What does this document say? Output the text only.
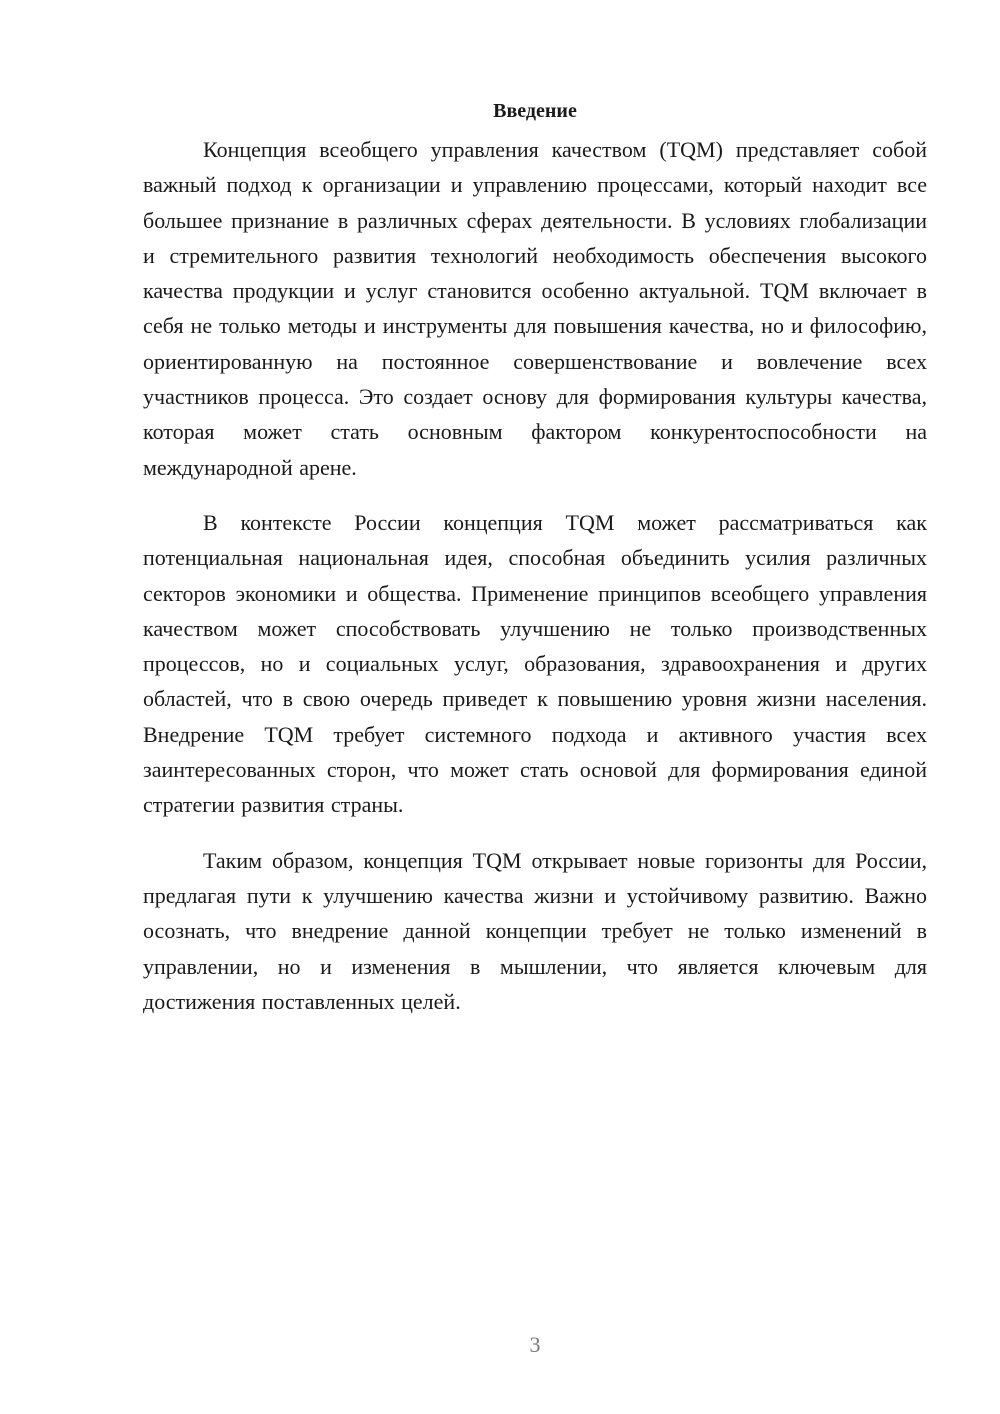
Введение

Концепция всеобщего управления качеством (TQM) представляет собой важный подход к организации и управлению процессами, который находит все большее признание в различных сферах деятельности. В условиях глобализации и стремительного развития технологий необходимость обеспечения высокого качества продукции и услуг становится особенно актуальной. TQM включает в себя не только методы и инструменты для повышения качества, но и философию, ориентированную на постоянное совершенствование и вовлечение всех участников процесса. Это создает основу для формирования культуры качества, которая может стать основным фактором конкурентоспособности на международной арене.

В контексте России концепция TQM может рассматриваться как потенциальная национальная идея, способная объединить усилия различных секторов экономики и общества. Применение принципов всеобщего управления качеством может способствовать улучшению не только производственных процессов, но и социальных услуг, образования, здравоохранения и других областей, что в свою очередь приведет к повышению уровня жизни населения. Внедрение TQM требует системного подхода и активного участия всех заинтересованных сторон, что может стать основой для формирования единой стратегии развития страны.

Таким образом, концепция TQM открывает новые горизонты для России, предлагая пути к улучшению качества жизни и устойчивому развитию. Важно осознать, что внедрение данной концепции требует не только изменений в управлении, но и изменения в мышлении, что является ключевым для достижения поставленных целей.

3
